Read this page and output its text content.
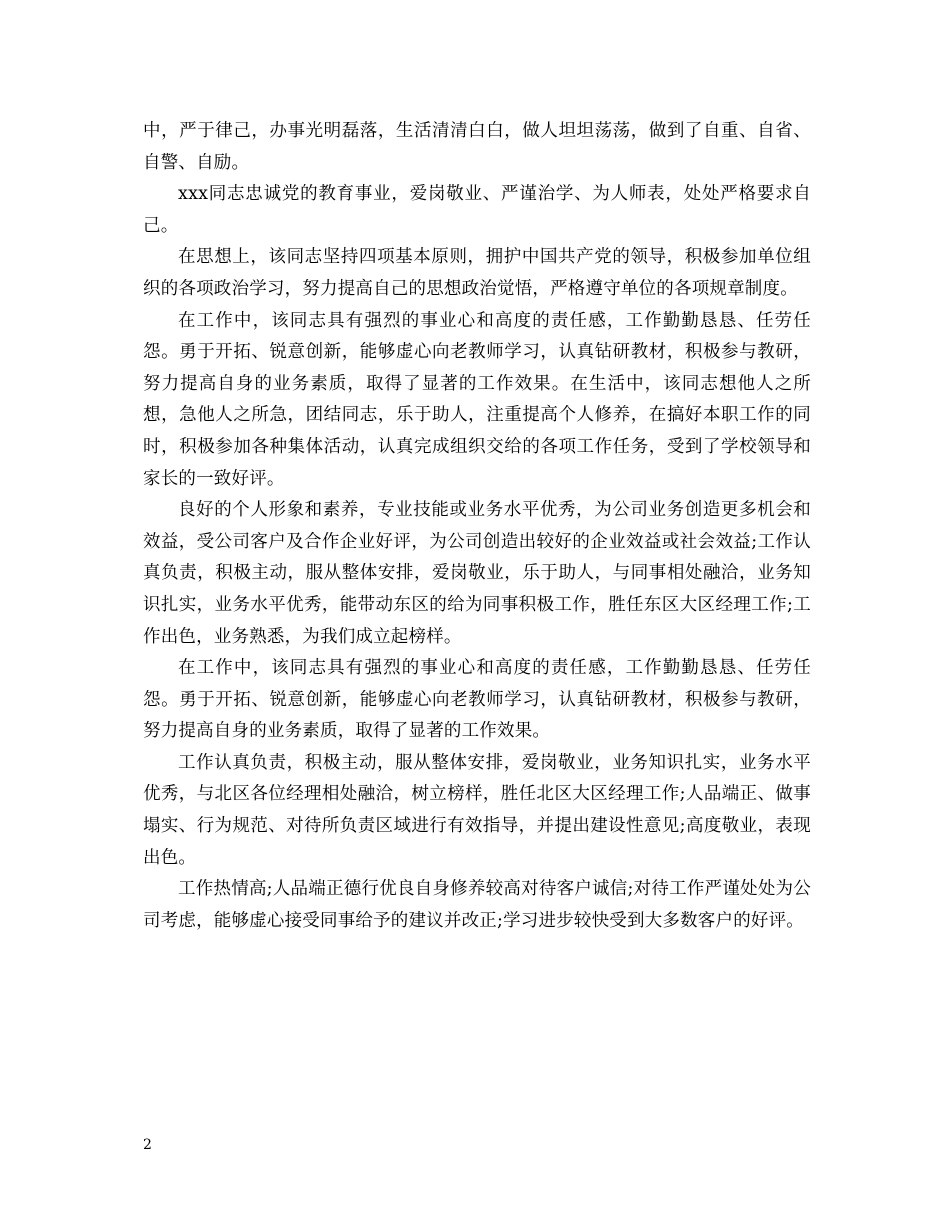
中，严于律己，办事光明磊落，生活清清白白，做人坦坦荡荡，做到了自重、自省、自警、自励。

xxx同志忠诚党的教育事业，爱岗敬业、严谨治学、为人师表，处处严格要求自己。

在思想上，该同志坚持四项基本原则，拥护中国共产党的领导，积极参加单位组织的各项政治学习，努力提高自己的思想政治觉悟，严格遵守单位的各项规章制度。

在工作中，该同志具有强烈的事业心和高度的责任感，工作勤勤恳恳、任劳任怨。勇于开拓、锐意创新，能够虚心向老教师学习，认真钻研教材，积极参与教研，努力提高自身的业务素质，取得了显著的工作效果。在生活中，该同志想他人之所想，急他人之所急，团结同志，乐于助人，注重提高个人修养，在搞好本职工作的同时，积极参加各种集体活动，认真完成组织交给的各项工作任务，受到了学校领导和家长的一致好评。

良好的个人形象和素养，专业技能或业务水平优秀，为公司业务创造更多机会和效益，受公司客户及合作企业好评，为公司创造出较好的企业效益或社会效益;工作认真负责，积极主动，服从整体安排，爱岗敬业，乐于助人，与同事相处融洽，业务知识扎实，业务水平优秀，能带动东区的给为同事积极工作，胜任东区大区经理工作;工作出色，业务熟悉，为我们成立起榜样。

在工作中，该同志具有强烈的事业心和高度的责任感，工作勤勤恳恳、任劳任怨。勇于开拓、锐意创新，能够虚心向老教师学习，认真钻研教材，积极参与教研，努力提高自身的业务素质，取得了显著的工作效果。

工作认真负责，积极主动，服从整体安排，爱岗敬业，业务知识扎实，业务水平优秀，与北区各位经理相处融洽，树立榜样，胜任北区大区经理工作;人品端正、做事塌实、行为规范、对待所负责区域进行有效指导，并提出建设性意见;高度敬业，表现出色。

工作热情高;人品端正德行优良自身修养较高对待客户诚信;对待工作严谨处处为公司考虑，能够虚心接受同事给予的建议并改正;学习进步较快受到大多数客户的好评。

2
